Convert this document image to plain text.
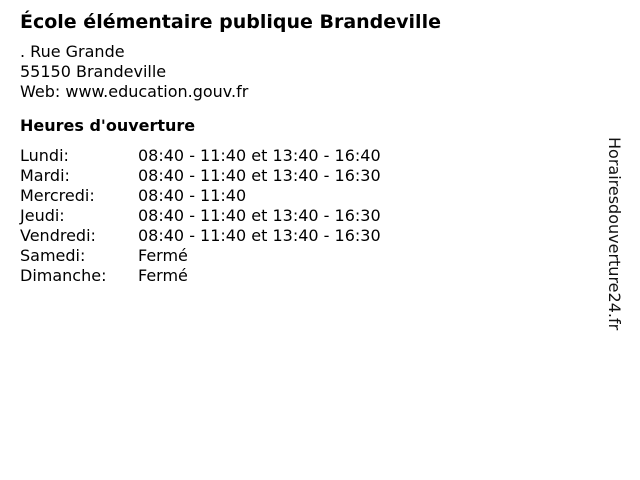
École élémentaire publique Brandeville
. Rue Grande
55150 Brandeville
Web: www.education.gouv.fr
Heures d'ouverture
Lundi:	08:40 - 11:40 et 13:40 - 16:40
Mardi:	08:40 - 11:40 et 13:40 - 16:30
Mercredi:	08:40 - 11:40
Jeudi:	08:40 - 11:40 et 13:40 - 16:30
Vendredi:	08:40 - 11:40 et 13:40 - 16:30
Samedi:	Fermé
Dimanche: Fermé	Horairesdouverture24.fr
